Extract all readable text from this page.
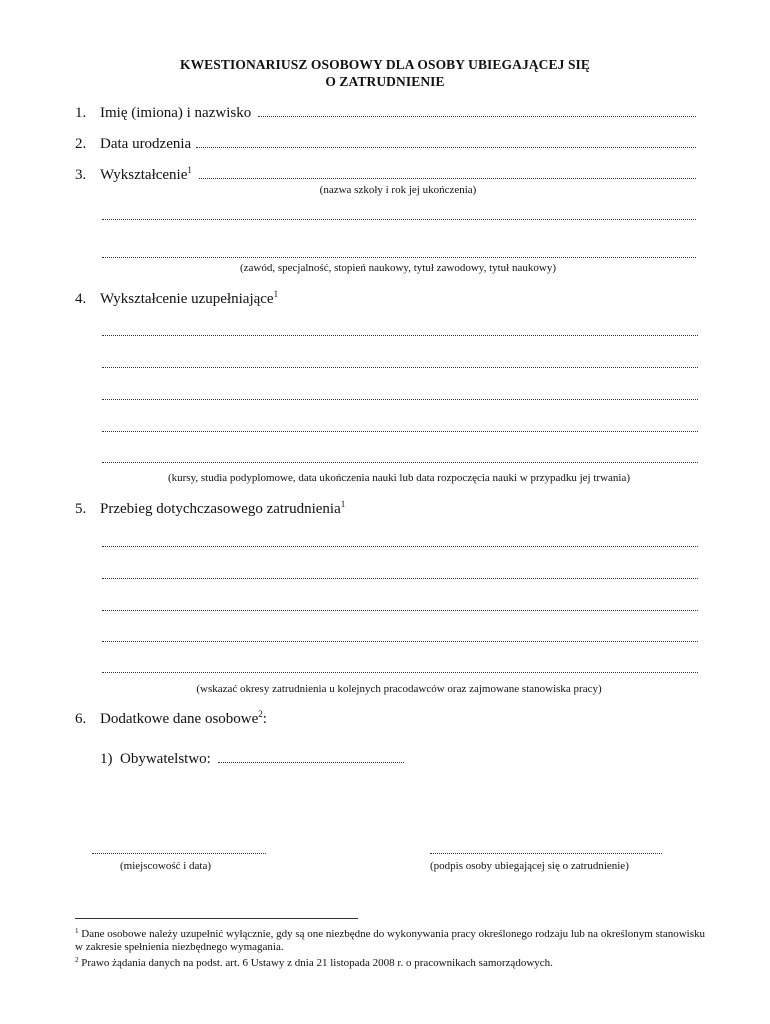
KWESTIONARIUSZ OSOBOWY DLA OSOBY UBIEGAJĄCEJ SIĘ
O ZATRUDNIENIE
1. Imię (imiona) i nazwisko
2. Data urodzenia
3. Wykształcenie$^1$
(nazwa szkoły i rok jej ukończenia)
(zawód, specjalność, stopień naukowy, tytuł zawodowy, tytuł naukowy)
4. Wykształcenie uzupełniające$^1$
(kursy, studia podyplomowe, data ukończenia nauki lub data rozpoczęcia nauki w przypadku jej trwania)
5. Przebieg dotychczasowego zatrudnienia$^1$
(wskazać okresy zatrudnienia u kolejnych pracodawców oraz zajmowane stanowiska pracy)
6. Dodatkowe dane osobowe$^2$:
1) Obywatelstwo:
(miejscowość i data)	(podpis osoby ubiegającej się o zatrudnienie)
$^1$ Dane osobowe należy uzupełnić wyłącznie, gdy są one niezbędne do wykonywania pracy określonego rodzaju lub na określonym stanowisku w zakresie spełnienia niezbędnego wymagania.
$^2$ Prawo żądania danych na podst. art. 6 Ustawy z dnia 21 listopada 2008 r. o pracownikach samorządowych.
